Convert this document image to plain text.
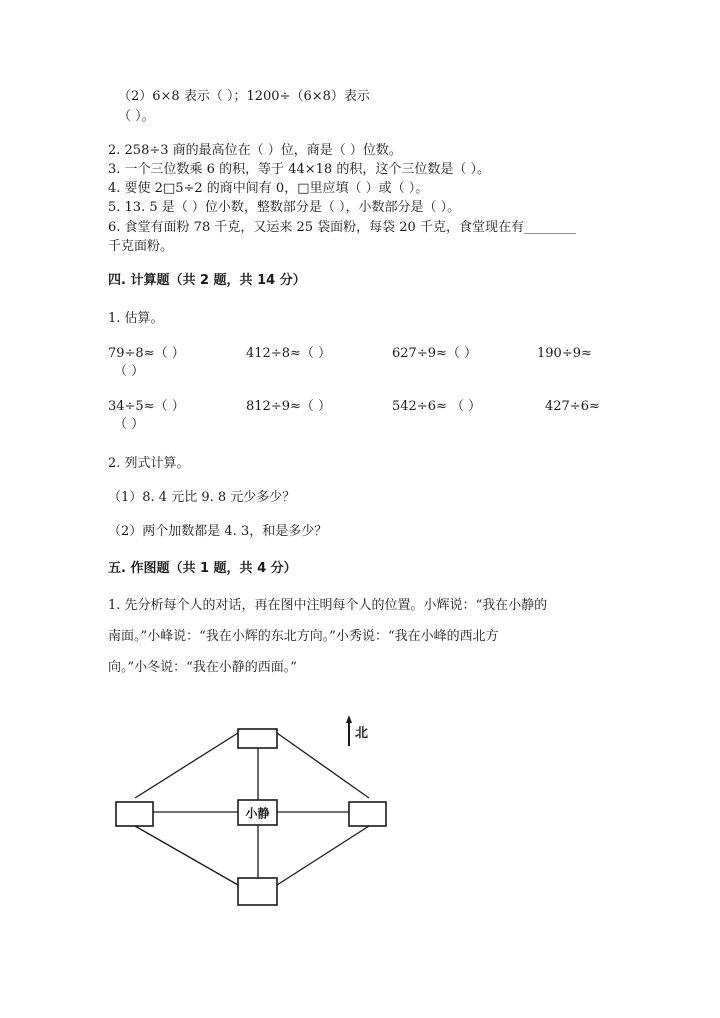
（2）6×8 表示（ ）；1200÷（6×8）表示
（ ）。
2. 258÷3 商的最高位在（ ）位，商是（ ）位数。
3. 一个三位数乘 6 的积，等于 44×18 的积，这个三位数是（ ）。
4. 要使 2□5÷2 的商中间有 0，□里应填（ ）或（ ）。
5. 13. 5 是（ ）位小数，整数部分是（ ），小数部分是（ ）。
6. 食堂有面粉 78 千克，又运来 25 袋面粉，每袋 20 千克，食堂现在有________
千克面粉。
四. 计算题（共 2 题，共 14 分）
1. 估算。
79÷8≈（ ）	412÷8≈（ ）	627÷9≈（ ）	190÷9≈
（ ）
34÷5≈（ ）	812÷9≈（ ）	542÷6≈ （ ）	427÷6≈
（ ）
2. 列式计算。
（1）8. 4 元比 9. 8 元少多少？
（2）两个加数都是 4. 3，和是多少？
五. 作图题（共 1 题，共 4 分）
1. 先分析每个人的对话，再在图中注明每个人的位置。小辉说：“我在小静的
南面。”小峰说：“我在小辉的东北方向。”小秀说：“我在小峰的西北方
向。”小冬说：“我在小静的西面。”
小静
北
